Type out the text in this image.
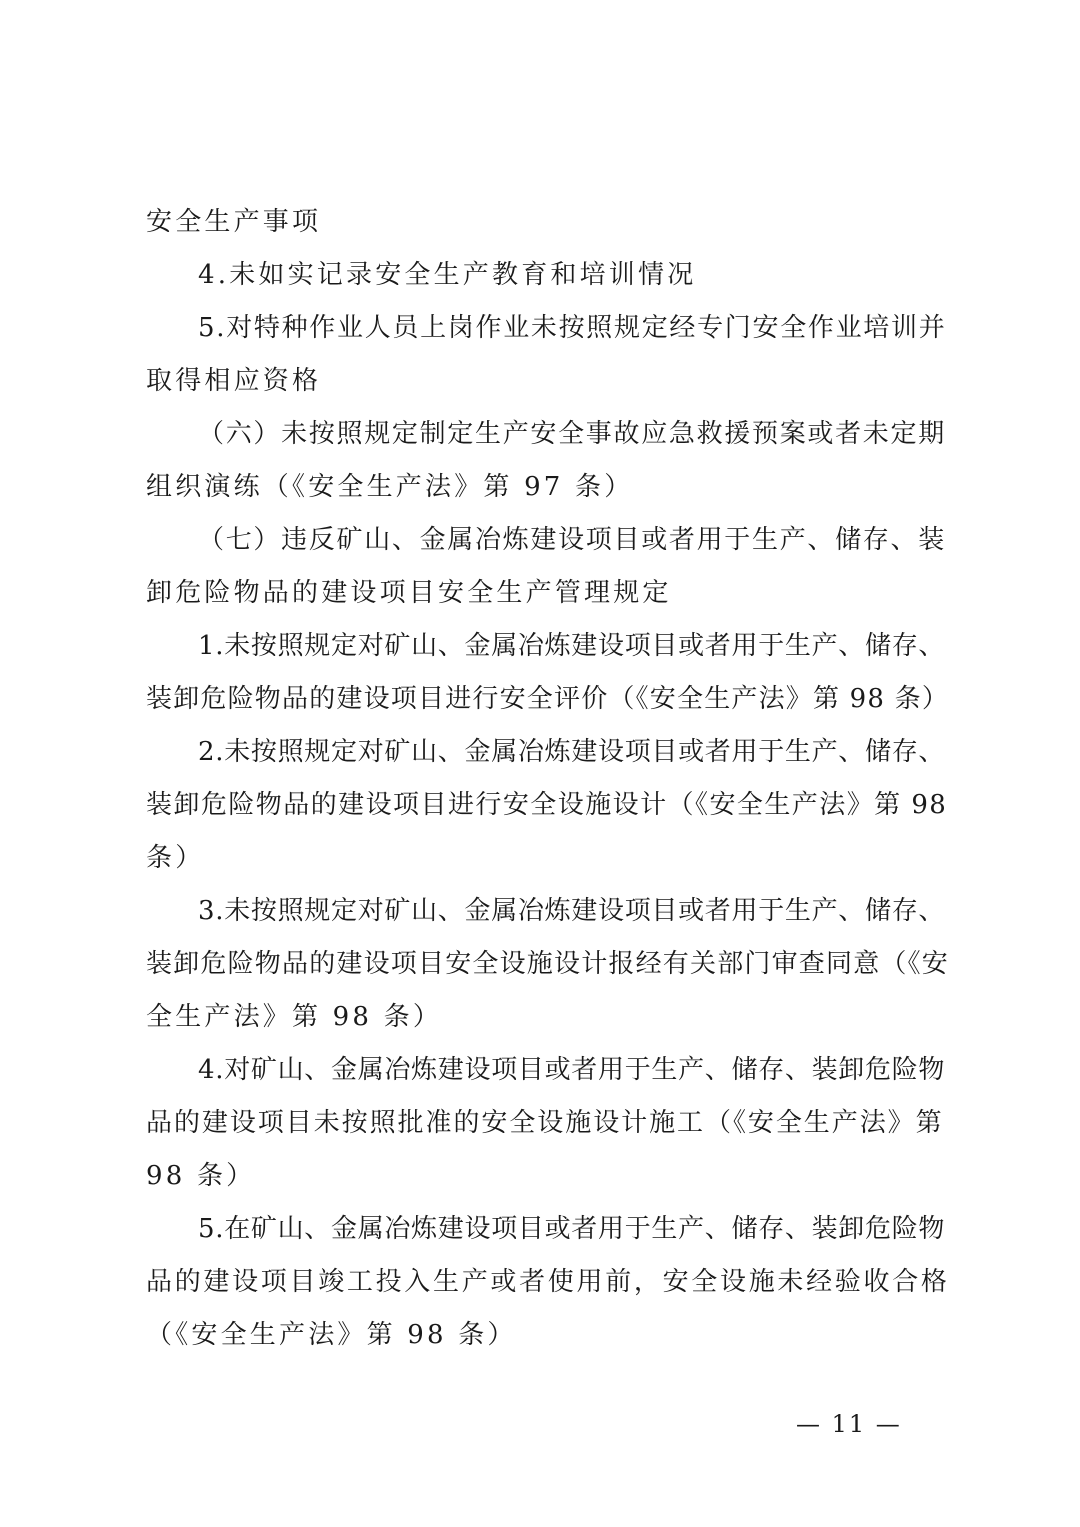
安全生产事项
4.未如实记录安全生产教育和培训情况
5.对特种作业人员上岗作业未按照规定经专门安全作业培训并
取得相应资格
（六）未按照规定制定生产安全事故应急救援预案或者未定期
组织演练（《安全生产法》第 97 条）
（七）违反矿山、金属冶炼建设项目或者用于生产、储存、装
卸危险物品的建设项目安全生产管理规定
1.未按照规定对矿山、金属冶炼建设项目或者用于生产、储存、
装卸危险物品的建设项目进行安全评价（《安全生产法》第 98 条）
2.未按照规定对矿山、金属冶炼建设项目或者用于生产、储存、
装卸危险物品的建设项目进行安全设施设计（《安全生产法》第 98
条）
3.未按照规定对矿山、金属冶炼建设项目或者用于生产、储存、
装卸危险物品的建设项目安全设施设计报经有关部门审查同意（《安
全生产法》第 98 条）
4.对矿山、金属冶炼建设项目或者用于生产、储存、装卸危险物
品的建设项目未按照批准的安全设施设计施工（《安全生产法》第
98 条）
5.在矿山、金属冶炼建设项目或者用于生产、储存、装卸危险物
品的建设项目竣工投入生产或者使用前，安全设施未经验收合格
（《安全生产法》第 98 条）
— 11 —
